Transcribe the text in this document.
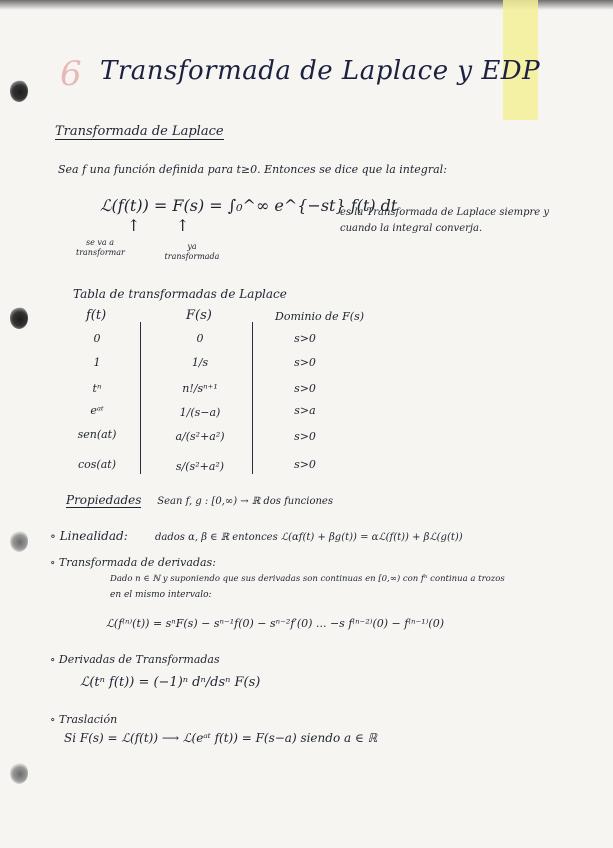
6 Transformada de Laplace y EDP
Transformada de Laplace
Sea f una función definida para t≥0. Entonces se dice que la integral:
ℒ(f(t)) = F(s) = ∫₀^∞ e^{−st} f(t) dt
es la Transformada de Laplace siempre y cuando la integral converja.
↑ ↑
se va a transformar
ya transformada
Tabla de transformadas de Laplace
f(t)	F(s)	Dominio de F(s)
0	0	s>0
1	1/s	s>0
tⁿ	n!/sⁿ⁺¹	s>0
eᵃᵗ	1/(s−a)	s>a
sen(at)	a/(s²+a²)	s>0
cos(at)	s/(s²+a²)	s>0
Propiedades Sean f, g : [0,∞) → ℝ dos funciones
∘ Linealidad:	dados α, β ∈ ℝ entonces ℒ(αf(t) + βg(t)) = αℒ(f(t)) + βℒ(g(t))
∘ Transformada de derivadas:
Dado n ∈ ℕ y suponiendo que sus derivadas son continuas en [0,∞) con fⁿ continua a trozos
en el mismo intervalo:
ℒ(f⁽ⁿ⁾(t)) = sⁿF(s) − sⁿ⁻¹f(0) − sⁿ⁻²f′(0) ... −s f⁽ⁿ⁻²⁾(0) − f⁽ⁿ⁻¹⁾(0)
∘ Derivadas de Transformadas
ℒ(tⁿ f(t)) = (−1)ⁿ dⁿ/dsⁿ F(s)
∘ Traslación
Si F(s) = ℒ(f(t)) ⟶ ℒ(eᵃᵗ f(t)) = F(s−a) siendo a ∈ ℝ
